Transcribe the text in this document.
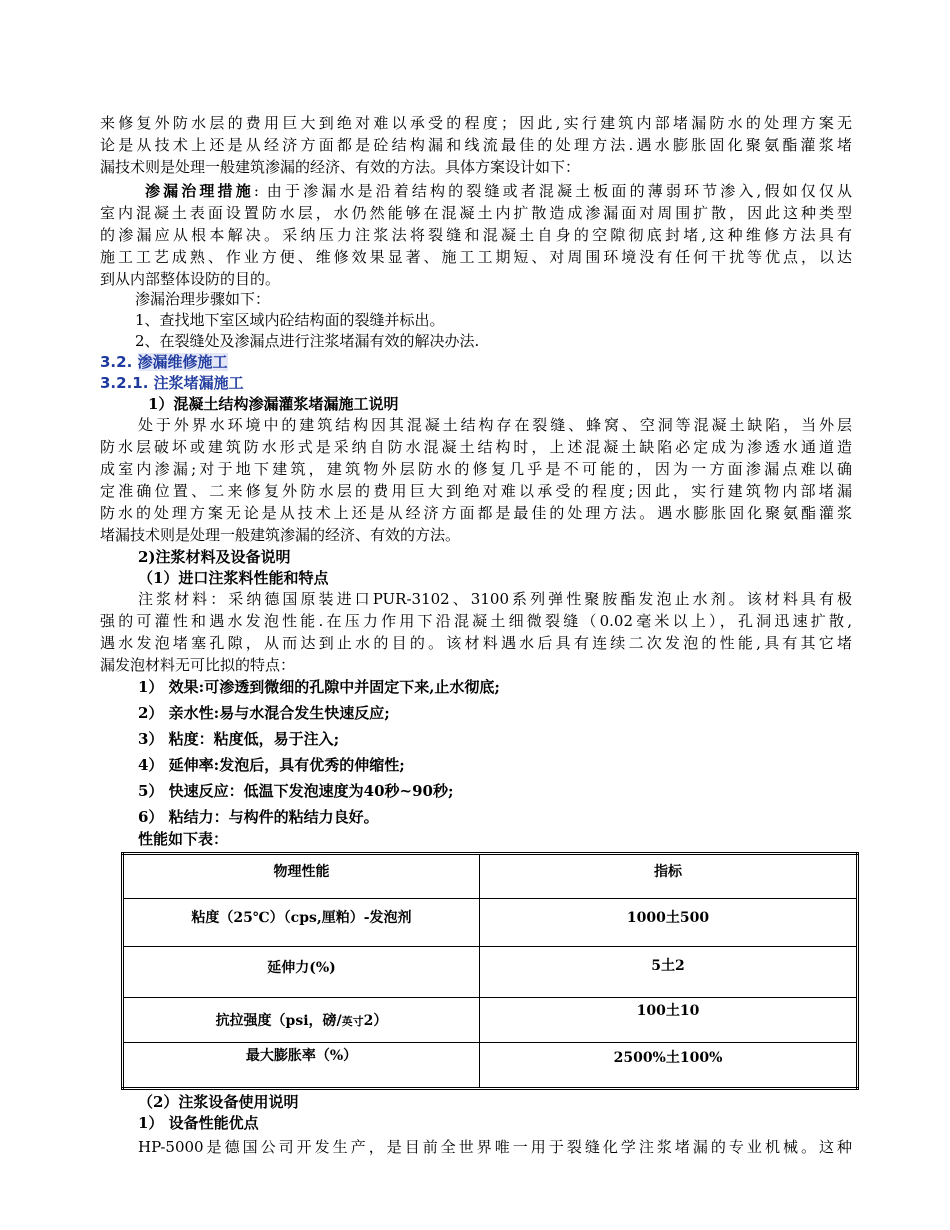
来修复外防水层的费用巨大到绝对难以承受的程度；因此,实行建筑内部堵漏防水的处理方案无
论是从技术上还是从经济方面都是砼结构漏和线流最佳的处理方法.遇水膨胀固化聚氨酯灌浆堵
漏技术则是处理一般建筑渗漏的经济、有效的方法。具体方案设计如下：
渗漏治理措施: 由于渗漏水是沿着结构的裂缝或者混凝土板面的薄弱环节渗入,假如仅仅从
室内混凝土表面设置防水层，水仍然能够在混凝土内扩散造成渗漏面对周围扩散，因此这种类型
的渗漏应从根本解决。采纳压力注浆法将裂缝和混凝土自身的空隙彻底封堵,这种维修方法具有
施工工艺成熟、作业方便、维修效果显著、施工工期短、对周围环境没有任何干扰等优点，以达
到从内部整体设防的目的。
渗漏治理步骤如下：
1、查找地下室区域内砼结构面的裂缝并标出。
2、在裂缝处及渗漏点进行注浆堵漏有效的解决办法.
3.2. 渗漏维修施工
3.2.1. 注浆堵漏施工
1）混凝土结构渗漏灌浆堵漏施工说明
处于外界水环境中的建筑结构因其混凝土结构存在裂缝、蜂窝、空洞等混凝土缺陷，当外层
防水层破坏或建筑防水形式是采纳自防水混凝土结构时，上述混凝土缺陷必定成为渗透水通道造
成室内渗漏;对于地下建筑，建筑物外层防水的修复几乎是不可能的，因为一方面渗漏点难以确
定准确位置、二来修复外防水层的费用巨大到绝对难以承受的程度;因此，实行建筑物内部堵漏
防水的处理方案无论是从技术上还是从经济方面都是最佳的处理方法。遇水膨胀固化聚氨酯灌浆
堵漏技术则是处理一般建筑渗漏的经济、有效的方法。
2)注浆材料及设备说明
（1）进口注浆料性能和特点
注浆材料：采纳德国原装进口PUR-3102、3100系列弹性聚胺酯发泡止水剂。该材料具有极
强的可灌性和遇水发泡性能.在压力作用下沿混凝土细微裂缝（0.02毫米以上），孔洞迅速扩散,
遇水发泡堵塞孔隙，从而达到止水的目的。该材料遇水后具有连续二次发泡的性能,具有其它堵
漏发泡材料无可比拟的特点：
1） 效果:可渗透到微细的孔隙中并固定下来,止水彻底;
2） 亲水性:易与水混合发生快速反应;
3） 粘度：粘度低，易于注入;
4） 延伸率:发泡后，具有优秀的伸缩性;
5） 快速反应：低温下发泡速度为40秒~90秒;
6） 粘结力：与构件的粘结力良好。
性能如下表：
物理性能	指标
粘度（25℃）（cps,厘粕）-发泡剂	1000土500
延伸力(%)	5土2
抗拉强度（psi，磅/英寸2）	100土10
最大膨胀率（%）	2500%土100%
（2）注浆设备使用说明
1） 设备性能优点
HP-5000是德国公司开发生产，是目前全世界唯一用于裂缝化学注浆堵漏的专业机械。这种
